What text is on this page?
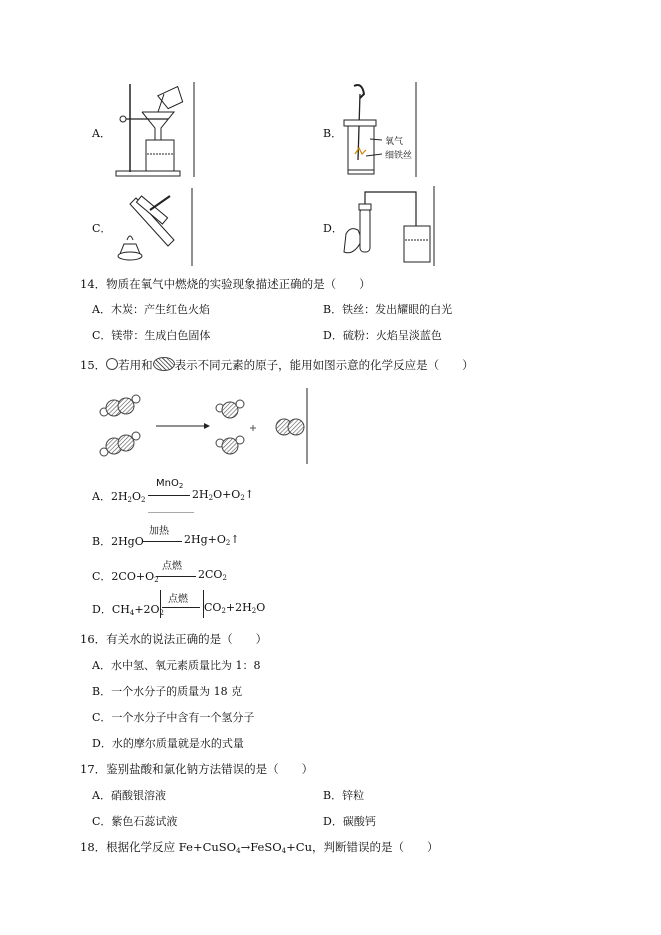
A．	B．
氧气
细铁丝
C．	D．
14．物质在氧气中燃烧的实验现象描述正确的是（　　）
A．木炭：产生红色火焰	B．铁丝：发出耀眼的白光
C．镁带：生成白色固体	D．硫粉：火焰呈淡蓝色
15． 若用和 表示不同元素的原子，能用如图示意的化学反应是（　　）
A．$2H_2O_2$
MnO$_2$
$2H_2O+O_2↑$
B．2HgO
加热
$2Hg+O_2↑$
C．$2CO+O_2$
点燃
$2CO_2$
D．$CH_4+2O_2$
点燃
$CO_2+2H_2O$
16．有关水的说法正确的是（　　）
A．水中氢、氧元素质量比为 1：8
B．一个水分子的质量为 18 克
C．一个水分子中含有一个氢分子
D．水的摩尔质量就是水的式量
17．鉴别盐酸和氯化钠方法错误的是（　　）
A．硝酸银溶液	B．锌粒
C．紫色石蕊试液	D．碳酸钙
18．根据化学反应 Fe+CuSO$_4$→FeSO$_4$+Cu，判断错误的是（　　）
